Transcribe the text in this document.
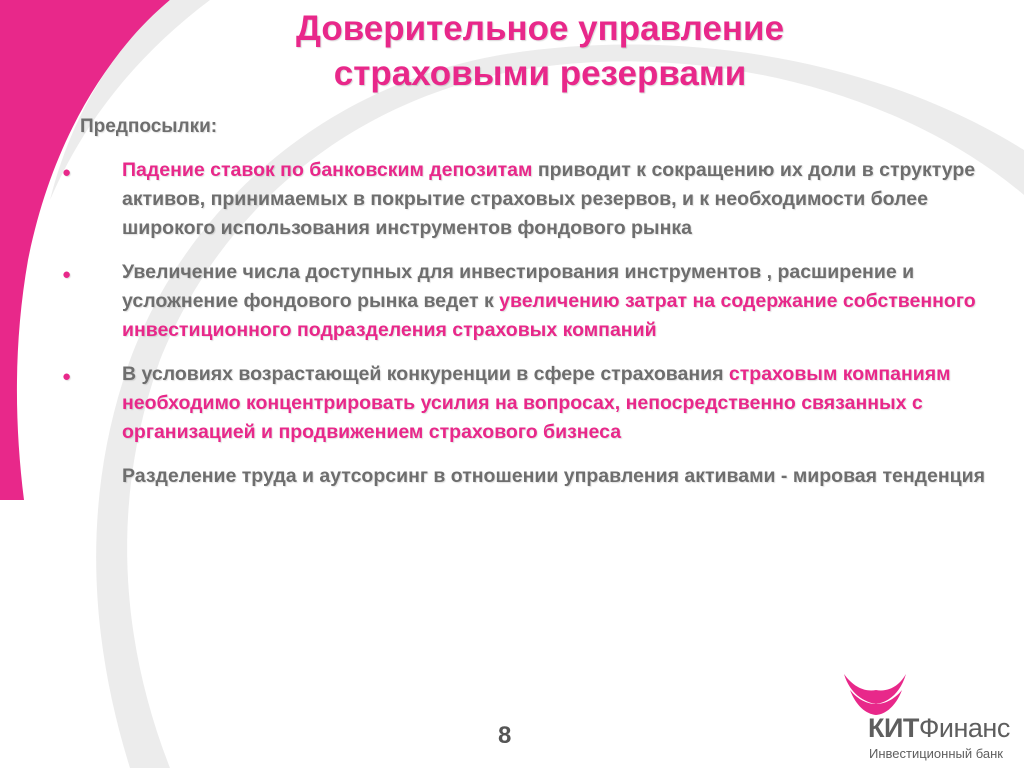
Доверительное управление
страховыми резервами
Предпосылки:
●	Падение ставок по банковским депозитам приводит к сокращению их доли в структуре активов, принимаемых в покрытие страховых резервов, и к необходимости более широкого использования инструментов фондового рынка
●	Увеличение числа доступных для инвестирования инструментов , расширение и усложнение фондового рынка ведет к увеличению затрат на содержание собственного инвестиционного подразделения страховых компаний
●	В условиях возрастающей конкуренции в сфере страхования страховым компаниям необходимо концентрировать усилия на вопросах, непосредственно связанных с организацией и продвижением страхового бизнеса
Разделение труда и аутсорсинг в отношении управления активами - мировая тенденция
8	КИТФинанс
Инвестиционный банк
